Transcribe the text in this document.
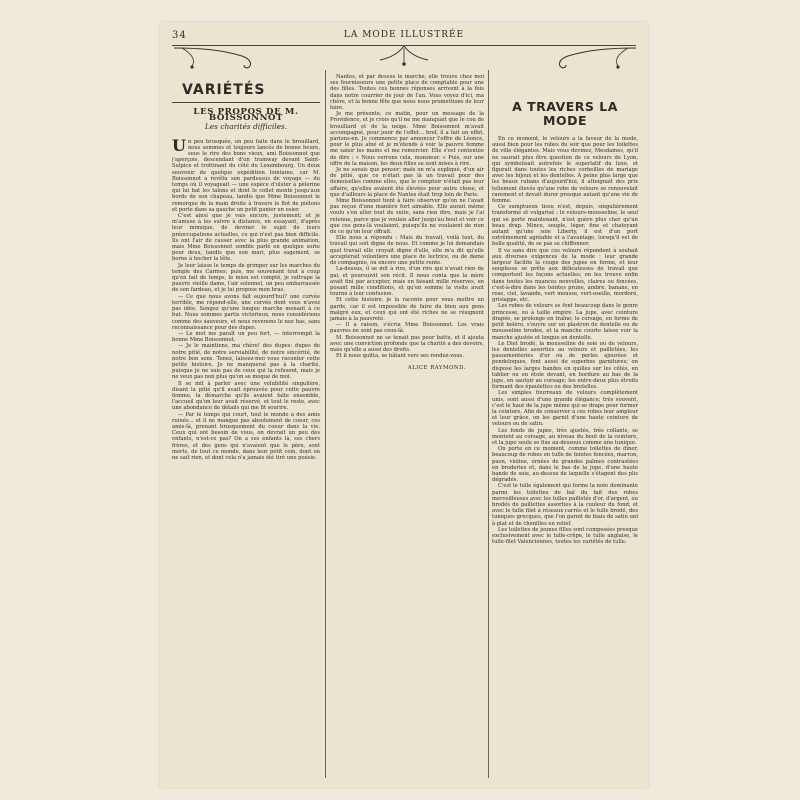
34	LA MODE ILLUSTRÉE
VARIÉTÉS
LES PROPOS DE M. BOISSONNOT
Les charités difficiles.

Un peu brusquée, un peu faite dans le brouillard, nous sommes et toujours lancés de bonne heure, sous le rire des bons vieux, ami Boissonnot que j'aperçois, descendant d'un tramway devant Saint-Sulpice et trottinant du côté du Luxembourg. Un doux souvenir de quelque expédition lointaine, car M. Boissonnot a revêtu son pardessus de voyage — du temps où il voyageait — une espèce d'ulster à pèlerine qui lui bat les talons et dont le collet monte jusqu'aux bords de son chapeau, tandis que Mme Boissonnot le remorque de la main droite à travers le flot de piétons et porte dans sa gauche un petit panier en osier.

C'est ainsi que je vais encore, justement; et je m'amuse à les suivre à distance, en essayant, d'après leur mimique, de deviner le sujet de leurs préoccupations actuelles, ce qui n'est pas bien difficile. Ils ont l'air de causer avec la plus grande animation, mais Mme Boissonnot semble parlé en quelque sorte pour deux, tandis que son mari, plus sagement, se borne à hocher la tête.

Je leur laisse le temps de grimper sur les marches du temple des Carmes; puis, me souvenant tout à coup qu'en fait de temps, le mien est compté, je rattrape la pauvre vieille dame, l'air solennel, un peu embarrassée de son fardeau, et je lui propose mon bras.

— Ce que nous avons fait aujourd'hui? une corvée terrible, me répond-elle, une corvée dont vous n'avez pas idée. Songez qu'une longue marche menant à ce but. Nous sommes partis victorieux, nous considérions comme des sauveurs, et nous revenons le nez bas, sans reconnaissance pour des dupes.

— Le mot me paraît un peu fort, — interrompit la bonne Mme Boissonnot.

— Je le maintiens, ma chère! des dupes: dupes de notre pitié, de notre serviabilité, de notre sincérité, de notre bon sens. Tenez, laissez-moi vous raconter cette petite histoire. Je ne manquerai pas à la charité, puisque je ne suis pas de ceux qui la refusent, mais je ne veux pas non plus qu'on se moque de moi.

Il se mit à parler avec une volubilité singulière, disant la pitié qu'il avait éprouvée pour cette pauvre femme, la démarche qu'ils avaient faite ensemble, l'accueil qu'on leur avait réservé, et tout le reste, avec une abondance de détails qui me fit sourire.

— Par le temps qui court, tout le monde a des amis ruinés... et il ne manque pas absolument de coeur, ces amis-là, prenant brusquement du coeur dans la vie. Ceux qui ont besoin de vous, on devrait un peu des enfants, n'est-ce pas? On a ses enfants là, ses chers frères, et des gens qui n'avaient que le père, sont morts, de tout ce monde, dans leur petit coin, dont on ne sait rien, et dont cela n'a jamais été tiré une poésie.

Nantes, et par dessus le marché, elle trouve chez moi ses fournisseurs une petite place de comptable pour une des filles. Toutes ces bonnes réponses arrivent à la fois dans notre courrier de jour de l'an. Vous voyez d'ici, ma chère, et la bonne fête que nous nous promettions de leur faire.

Je me présente, ce matin, pour un message de la Providence, et je crois qu'il ne me manquait que le cou de brouillard et de la neige. Mme Boissonnot m'avait accompagné, pour jouir de l'effet... bref, il a fait un effet, parions-en. Je commence par annoncer l'offre de Léonce, pour le plus aîné et je m'étends à voir la pauvre femme me saisir les mains et me remercier. Elle s'est contentée de dire : « Nous verrons cela, monsieur. » Puis, sur une offre de la maison, les deux filles se sont mises à rire.

Je ne savais que penser; mais on m'a expliqué, d'un air de pitié, que ce n'était pas là un travail pour des demoiselles comme elles, que le comptoir n'était pas leur affaire, qu'elles avaient été élevées pour autre chose, et que d'ailleurs la place de Nantes était trop loin de Paris.

Mme Boissonnot tient à faire observer qu'on ne l'avait pas reçue d'une manière fort aimable. Elle aurait même voulu s'en aller tout de suite, sans rien dire, mais je l'ai retenue, parce que je voulais aller jusqu'au bout et voir ce que ces gens-là voulaient, puisqu'ils ne voulaient de rien de ce qu'on leur offrait.

Elle nous a répondu : Mais du travail, voilà tout, du travail qui soit digne de nous. Et comme je lui demandais quel travail elle croyait digne d'elle, elle m'a dit qu'elle accepterait volontiers une place de lectrice, ou de dame de compagnie, ou encore une petite rente.

La-dessus, il se mit à rire, d'un rire qui n'avait rien de gai, et poursuivit son récit. Il nous conta que la mère avait fini par accepter, mais en faisant mille réserves, en posant mille conditions, et qu'en somme la visite avait tourné à leur confusion.

Et cette histoire, je la raconte pour vous mettre en garde, car il est impossible de faire du bien aux gens malgré eux, et ceux qui ont été riches ne se résignent jamais à la pauvreté.

— Il a raison, s'écria Mme Boissonnot. Les vrais pauvres ne sont pas ceux-là.

M. Boissonnot ne se tenait pas pour battu, et il ajouta avec une conviction profonde que la charité a des devoirs, mais qu'elle a aussi des droits.

Et il nous quitta, se hâtant vers ses rendez-vous.

ALICE RAYMOND.
A TRAVERS LA MODE

En ce moment, le velours a la faveur de la mode, aussi bien pour les robes du soir que pour les toilettes de ville élégantes. Mais vous devinez, Mesdames, qu'il ne saurait plus être question de ce velours de Lyon, qui symbolisait autrefois le superlatif du luxe, et figurait dans toutes les riches corbeilles de mariage avec les bijoux et les dentelles. À peine plus large que les beaux rubans d'aujourd'hui, il atteignait des prix tellement élevés qu'une robe de velours se renouvelait rarement et devait durer presque autant qu'une vie de femme.

Ce sumptueux tissu n'est, depuis, singulièrement transformé et vulgarisé : le velours-mousseline, le seul qui se porte maintenant, n'est guère plus cher qu'un beau drap. Mince, souple, léger, fine et chatoyant autant qu'une soie Liberty, il est d'un port extrêmement agréable et a l'avantage, lorsqu'il est de belle qualité, de se pas se chiffonner.

Il va sans dire que ces velours répondent à souhait aux diverses exigences de la mode : leur grande largeur facilite la coupe des jupes en forme, et leur souplesse se prête aux délicatesses de travail que comportent les façons actuelles; on les trouve enfin dans toutes les nuances nouvelles, claires ou foncées, c'est-à-dire dans les teintes prune, ambre, banane, en rose, ciel, lavande, vert mousse, vert-oseille, mordoré, grisiappe, etc.

Les robes de velours se font beaucoup dans le genre princesse, ou à taille empire. La jupe, avec ceinture drapée, se prolonge en traîne; le corsage, en forme de petit boléro, s'ouvre sur un plastron de dentelle ou de mousseline brodée, et la manche courte laisse voir la manche ajustée et longue en dentelle.

Le Diet brodé, la mousseline de soie ou de velours, les dentelles assorties au velours et pailletées, les passementeries d'or ou de perles ajourées et pendeloques, font aussi de superbes garnitures; on dispose les larges bandes en quilles sur les côtés, en tablier ou en étole devant, en bordure au bas de la jupe, en sautoir au corsage; les entre-deux plus étroits formant des épaulettes ou des bretelles.

Les simples fourreaux de velours complètement unis, sont aussi d'une grande élégance; très souvent, c'est le haut de la jupe même qui se drape pour former la ceinture. Afin de conserver à ces robes leur ampleur et leur grâce, on les garnit d'une haute ceinture de velours ou de satin.

Les fonds de jupes, très ajustés, très collants, se montent au corsage, au niveau du bout de la ceinture, et la jupe seule se fixe au-dessous comme une tunique.

On porte en ce moment, comme toilettes de dîner, beaucoup de robes en tulle de teintes foncées, marron, paon, violine, ornées de grandes palmes contrastées en broderies et, dans le bas de la jupe, d'une haute bande de soie, au-dessus de laquelle s'étagent des plis dégradés.

C'est le tulle également qui forme la note dominante parmi les toilettes de bal du fait des robes merveilleuses avec les tulles pailletés d'or, d'argent, ou brodés de paillettes assorties à la couleur du fond; et avec le tulle filet à réseaux carrés et le tulle brodé, des tuniques grecques, que l'on garnit de biais de satin uni à plat et de chenilles en relief.

Les toilettes de jeunes filles sont composées presque exclusivement avec le tulle-crêpe, le tulle anglaise, le tulle-filet Valenciennes, toutes les variétés de tulle.
